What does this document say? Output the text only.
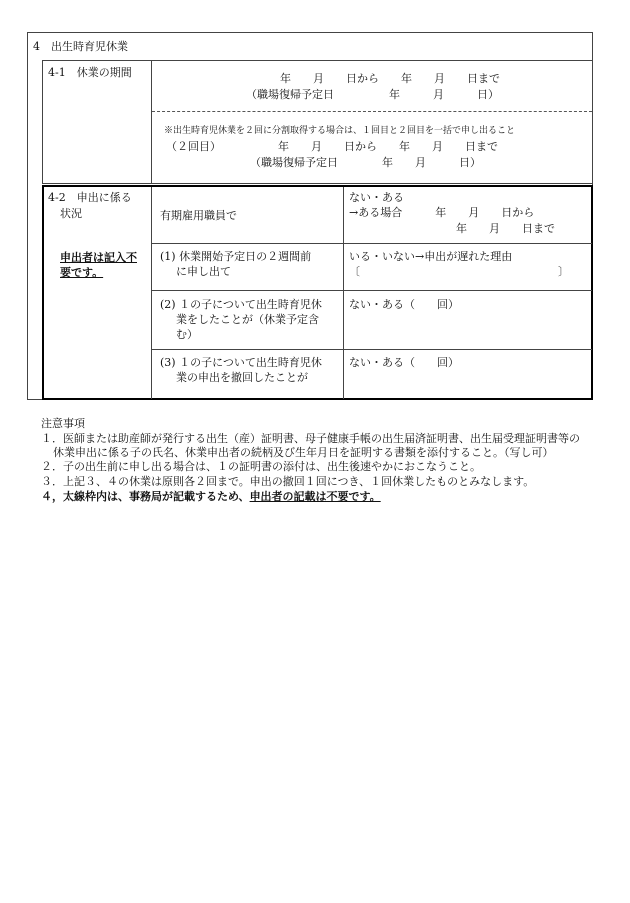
4　出生時育児休業
4-1　休業の期間	年　　月　　日から　　年　　月　　日まで
（職場復帰予定日　　　　　年　　　月　　　日）
※出生時育児休業を２回に分割取得する場合は、１回目と２回目を一括で申し出ること
（２回目）	年　　月　　日から　　年　　月　　日まで
（職場復帰予定日　　　　年　　月　　　日）
4-2　申出に係る
状況
申出者は記入不
要です。
有期雇用職員で
ない・ある
→ある場合　　　年　　月　　日から
年　　月　　日まで
(1) 休業開始予定日の２週間前
に申し出て
いる・いない→申出が遅れた理由
〔　　　　　　　　　　　　　　　　　　〕
(2) １の子について出生時育児休
業をしたことが（休業予定含
む）
ない・ある（　　回）
(3) １の子について出生時育児休
業の申出を撤回したことが
ない・ある（　　回）
注意事項
１．医師または助産師が発行する出生（産）証明書、母子健康手帳の出生届済証明書、出生届受理証明書等の
休業申出に係る子の氏名、休業申出者の続柄及び生年月日を証明する書類を添付すること。（写し可）
２．子の出生前に申し出る場合は、１の証明書の添付は、出生後速やかにおこなうこと。
３．上記３、４の休業は原則各２回まで。申出の撤回１回につき、１回休業したものとみなします。
４，太線枠内は、事務局が記載するため、申出者の記載は不要です。
